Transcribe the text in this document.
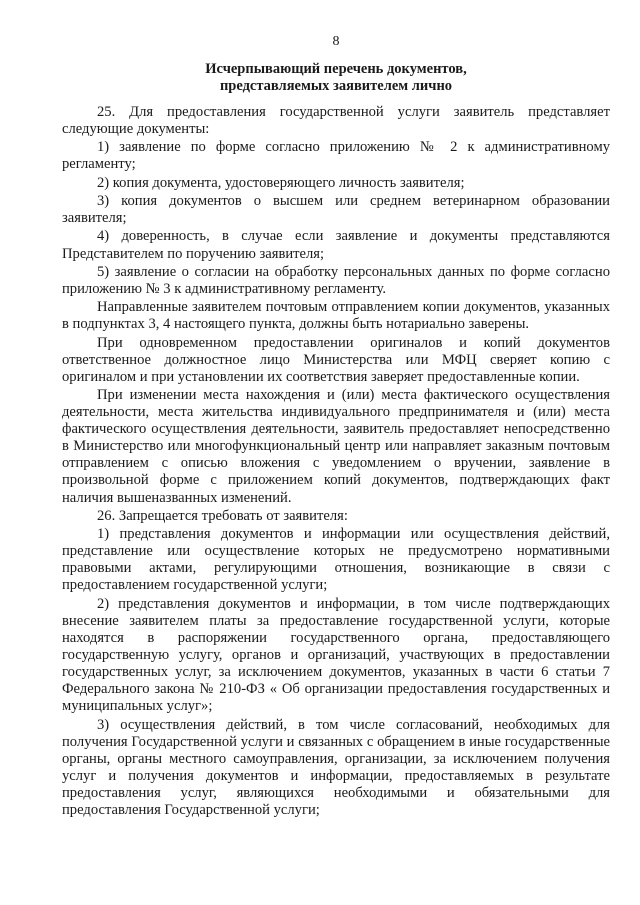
8
Исчерпывающий перечень документов,
представляемых заявителем лично

25. Для предоставления государственной услуги заявитель представляет следующие документы:

1) заявление по форме согласно приложению № 2 к административному регламенту;

2) копия документа, удостоверяющего личность заявителя;

3) копия документов о высшем или среднем ветеринарном образовании заявителя;

4) доверенность, в случае если заявление и документы представляются Представителем по поручению заявителя;

5) заявление о согласии на обработку персональных данных по форме согласно приложению № 3 к административному регламенту.

Направленные заявителем почтовым отправлением копии документов, указанных в подпунктах 3, 4 настоящего пункта, должны быть нотариально заверены.

При одновременном предоставлении оригиналов и копий документов ответственное должностное лицо Министерства или МФЦ сверяет копию с оригиналом и при установлении их соответствия заверяет предоставленные копии.

При изменении места нахождения и (или) места фактического осуществления деятельности, места жительства индивидуального предпринимателя и (или) места фактического осуществления деятельности, заявитель предоставляет непосредственно в Министерство или многофункциональный центр или направляет заказным почтовым отправлением с описью вложения с уведомлением о вручении, заявление в произвольной форме с приложением копий документов, подтверждающих факт наличия вышеназванных изменений.

26. Запрещается требовать от заявителя:

1) представления документов и информации или осуществления действий, представление или осуществление которых не предусмотрено нормативными правовыми актами, регулирующими отношения, возникающие в связи с предоставлением государственной услуги;

2) представления документов и информации, в том числе подтверждающих внесение заявителем платы за предоставление государственной услуги, которые находятся в распоряжении государственного органа, предоставляющего государственную услугу, органов и организаций, участвующих в предоставлении государственных услуг, за исключением документов, указанных в части 6 статьи 7 Федерального закона № 210-ФЗ « Об организации предоставления государственных и муниципальных услуг»;

3) осуществления действий, в том числе согласований, необходимых для получения Государственной услуги и связанных с обращением в иные государственные органы, органы местного самоуправления, организации, за исключением получения услуг и получения документов и информации, предоставляемых в результате предоставления услуг, являющихся необходимыми и обязательными для предоставления Государственной услуги;
